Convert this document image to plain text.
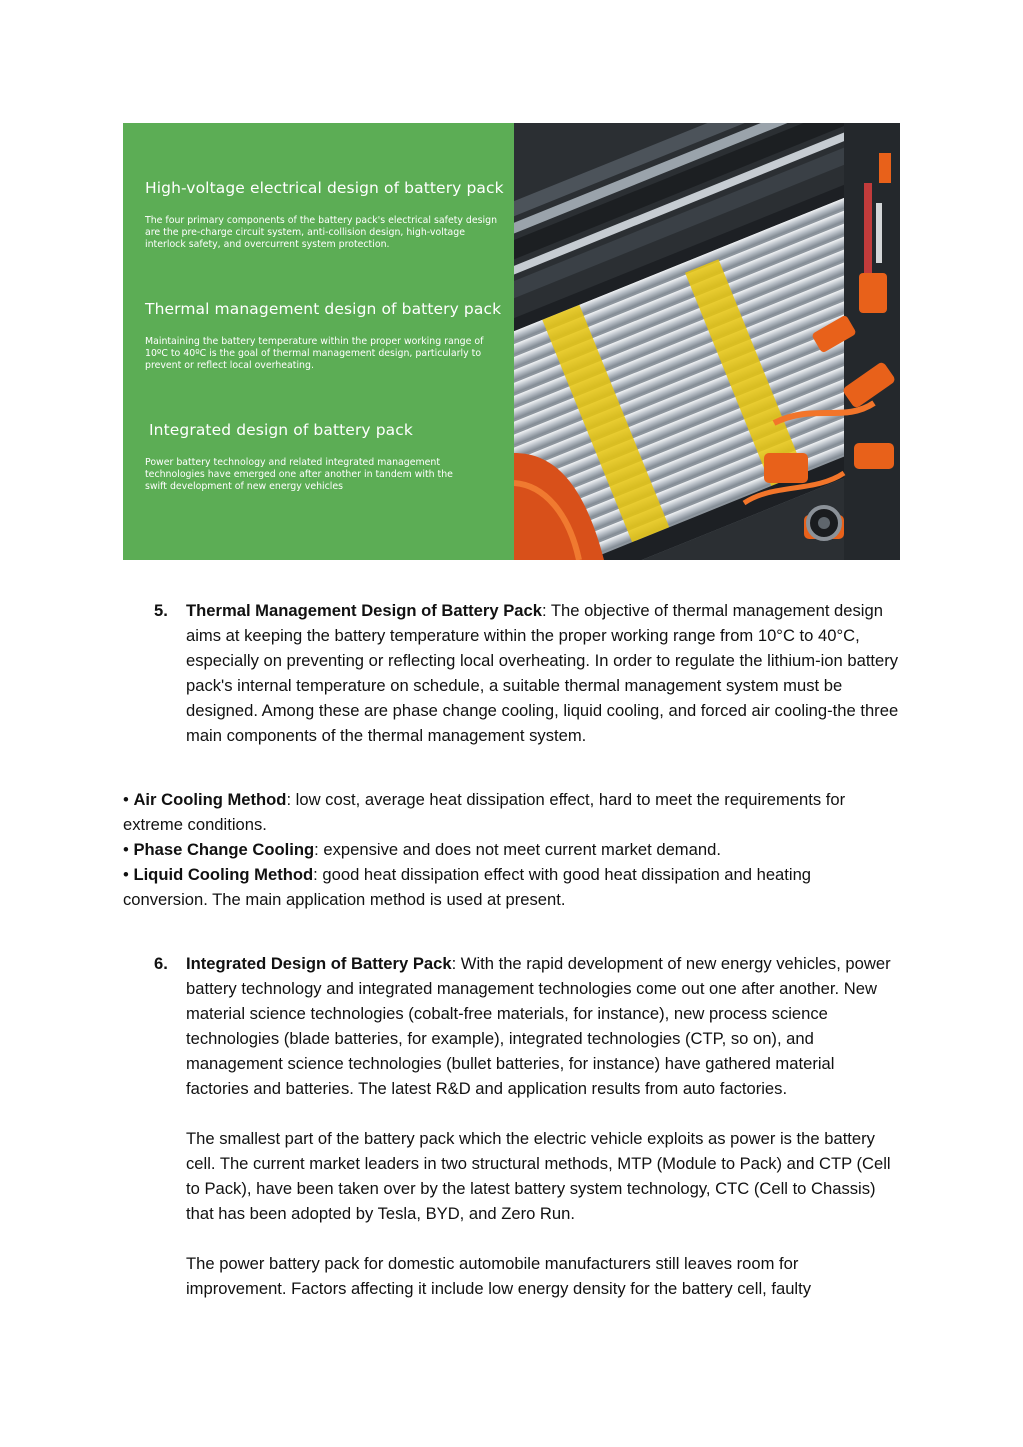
High-voltage electrical design of battery pack
The four primary components of the battery pack's electrical safety design are the pre-charge circuit system, anti-collision design, high-voltage interlock safety, and overcurrent system protection.
Thermal management design of battery pack
Maintaining the battery temperature within the proper working range of 10ºC to 40ºC is the goal of thermal management design, particularly to prevent or reflect local overheating.
Integrated design of battery pack
Power battery technology and related integrated management technologies have emerged one after another in tandem with the swift development of new energy vehicles
5. Thermal Management Design of Battery Pack: The objective of thermal management design aims at keeping the battery temperature within the proper working range from 10°C to 40°C, especially on preventing or reflecting local overheating. In order to regulate the lithium-ion battery pack's internal temperature on schedule, a suitable thermal management system must be designed. Among these are phase change cooling, liquid cooling, and forced air cooling-the three main components of the thermal management system.

• Air Cooling Method: low cost, average heat dissipation effect, hard to meet the requirements for extreme conditions.

• Phase Change Cooling: expensive and does not meet current market demand.

• Liquid Cooling Method: good heat dissipation effect with good heat dissipation and heating conversion. The main application method is used at present.

6. Integrated Design of Battery Pack: With the rapid development of new energy vehicles, power battery technology and integrated management technologies come out one after another. New material science technologies (cobalt-free materials, for instance), new process science technologies (blade batteries, for example), integrated technologies (CTP, so on), and management science technologies (bullet batteries, for instance) have gathered material factories and batteries. The latest R&D and application results from auto factories.

The smallest part of the battery pack which the electric vehicle exploits as power is the battery cell. The current market leaders in two structural methods, MTP (Module to Pack) and CTP (Cell to Pack), have been taken over by the latest battery system technology, CTC (Cell to Chassis) that has been adopted by Tesla, BYD, and Zero Run.

The power battery pack for domestic automobile manufacturers still leaves room for improvement. Factors affecting it include low energy density for the battery cell, faulty
